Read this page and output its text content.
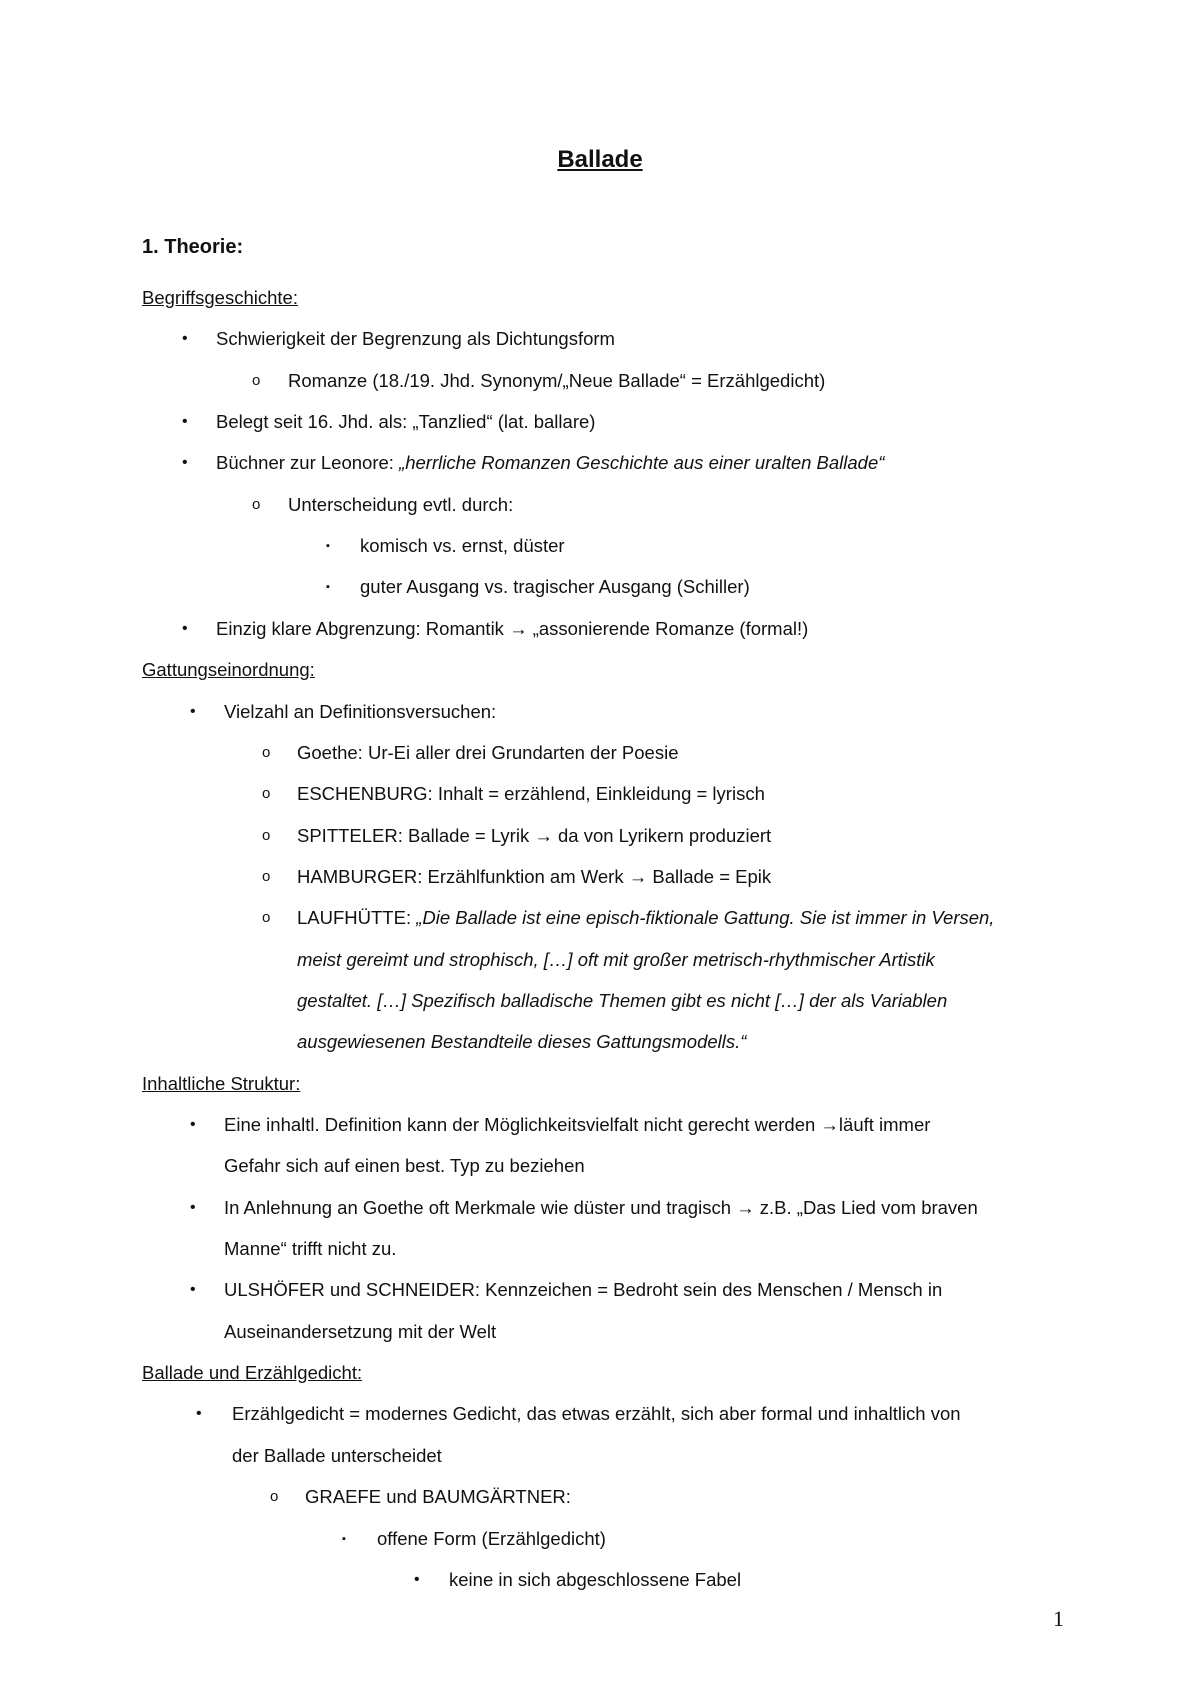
Ballade
1. Theorie:
Begriffsgeschichte:
• Schwierigkeit der Begrenzung als Dichtungsform
o Romanze (18./19. Jhd. Synonym/„Neue Ballade“ = Erzählgedicht)
• Belegt seit 16. Jhd. als: „Tanzlied“ (lat. ballare)
• Büchner zur Leonore: „herrliche Romanzen Geschichte aus einer uralten Ballade“
o Unterscheidung evtl. durch:
▪ komisch vs. ernst, düster
▪ guter Ausgang vs. tragischer Ausgang (Schiller)
• Einzig klare Abgrenzung: Romantik → „assonierende Romanze (formal!)
Gattungseinordnung:
• Vielzahl an Definitionsversuchen:
o Goethe: Ur-Ei aller drei Grundarten der Poesie
o ESCHENBURG: Inhalt = erzählend, Einkleidung = lyrisch
o SPITTELER: Ballade = Lyrik → da von Lyrikern produziert
o HAMBURGER: Erzählfunktion am Werk → Ballade = Epik
o LAUFHÜTTE: „Die Ballade ist eine episch-fiktionale Gattung. Sie ist immer in Versen,
meist gereimt und strophisch, […] oft mit großer metrisch-rhythmischer Artistik
gestaltet. […] Spezifisch balladische Themen gibt es nicht […] der als Variablen
ausgewiesenen Bestandteile dieses Gattungsmodells.“
Inhaltliche Struktur:
• Eine inhaltl. Definition kann der Möglichkeitsvielfalt nicht gerecht werden →läuft immer
Gefahr sich auf einen best. Typ zu beziehen
• In Anlehnung an Goethe oft Merkmale wie düster und tragisch → z.B. „Das Lied vom braven
Manne“ trifft nicht zu.
• ULSHÖFER und SCHNEIDER: Kennzeichen = Bedroht sein des Menschen / Mensch in
Auseinandersetzung mit der Welt
Ballade und Erzählgedicht:
• Erzählgedicht = modernes Gedicht, das etwas erzählt, sich aber formal und inhaltlich von
der Ballade unterscheidet
o GRAEFE und BAUMGÄRTNER:
▪ offene Form (Erzählgedicht)
• keine in sich abgeschlossene Fabel
1
